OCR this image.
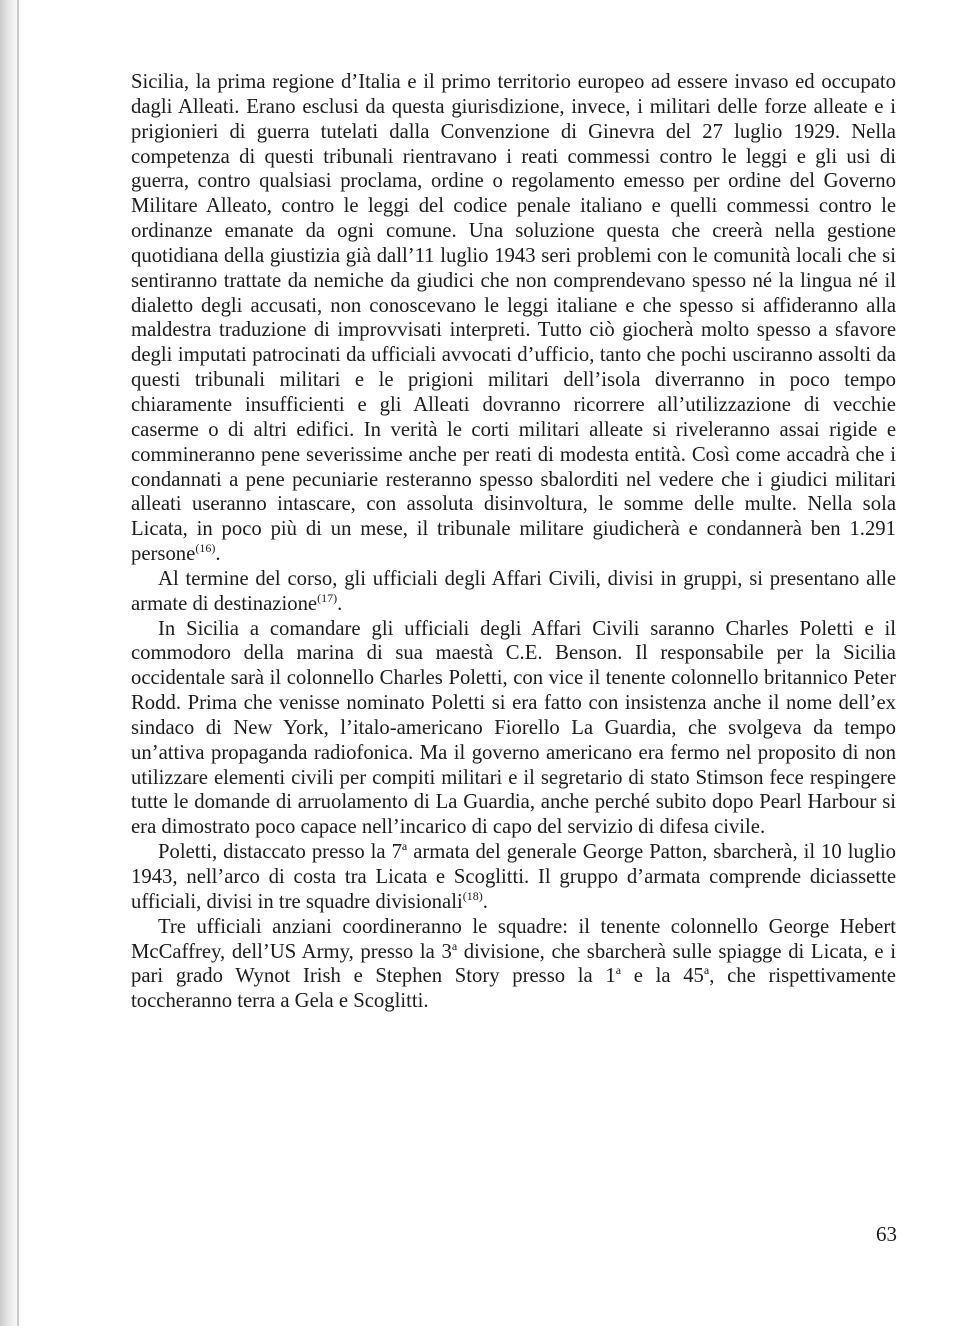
Sicilia, la prima regione d’Italia e il primo territorio europeo ad essere invaso ed occupato dagli Alleati. Erano esclusi da questa giurisdizione, invece, i militari delle forze alleate e i prigionieri di guerra tutelati dalla Convenzione di Ginevra del 27 luglio 1929. Nella competenza di questi tribunali rientravano i reati commessi contro le leggi e gli usi di guerra, contro qualsiasi proclama, ordine o regolamento emesso per ordine del Governo Militare Alleato, contro le leggi del codice penale italiano e quelli commessi contro le ordinanze emanate da ogni comune. Una soluzione questa che creerà nella gestione quotidiana della giustizia già dall’11 luglio 1943 seri problemi con le comunità locali che si sentiranno trattate da nemiche da giudici che non comprendevano spesso né la lingua né il dialetto degli accusati, non conoscevano le leggi italiane e che spesso si affideranno alla maldestra traduzione di improvvisati interpreti. Tutto ciò giocherà molto spesso a sfavore degli imputati patrocinati da ufficiali avvocati d’ufficio, tanto che pochi usciranno assolti da questi tribunali militari e le prigioni militari dell’isola diverranno in poco tempo chiaramente insufficienti e gli Alleati dovranno ricorrere all’utilizzazione di vecchie caserme o di altri edifici. In verità le corti militari alleate si riveleranno assai rigide e commineranno pene severissime anche per reati di modesta entità. Così come accadrà che i condannati a pene pecuniarie resteranno spesso sbalorditi nel vedere che i giudici militari alleati useranno intascare, con assoluta disinvoltura, le somme delle multe. Nella sola Licata, in poco più di un mese, il tribunale militare giudicherà e condannerà ben 1.291 persone$^{(16)}$.

Al termine del corso, gli ufficiali degli Affari Civili, divisi in gruppi, si presentano alle armate di destinazione$^{(17)}$.

In Sicilia a comandare gli ufficiali degli Affari Civili saranno Charles Poletti e il commodoro della marina di sua maestà C.E. Benson. Il responsabile per la Sicilia occidentale sarà il colonnello Charles Poletti, con vice il tenente colonnello britannico Peter Rodd. Prima che venisse nominato Poletti si era fatto con insistenza anche il nome dell’ex sindaco di New York, l’italo-americano Fiorello La Guardia, che svolgeva da tempo un’attiva propaganda radiofonica. Ma il governo americano era fermo nel proposito di non utilizzare elementi civili per compiti militari e il segretario di stato Stimson fece respingere tutte le domande di arruolamento di La Guardia, anche perché subito dopo Pearl Harbour si era dimostrato poco capace nell’incarico di capo del servizio di difesa civile.

Poletti, distaccato presso la 7$^a$ armata del generale George Patton, sbarcherà, il 10 luglio 1943, nell’arco di costa tra Licata e Scoglitti. Il gruppo d’armata comprende diciassette ufficiali, divisi in tre squadre divisionali$^{(18)}$.

Tre ufficiali anziani coordineranno le squadre: il tenente colonnello George Hebert McCaffrey, dell’US Army, presso la 3$^a$ divisione, che sbarcherà sulle spiagge di Licata, e i pari grado Wynot Irish e Stephen Story presso la 1$^a$ e la 45$^a$, che rispettivamente toccheranno terra a Gela e Scoglitti.

63
